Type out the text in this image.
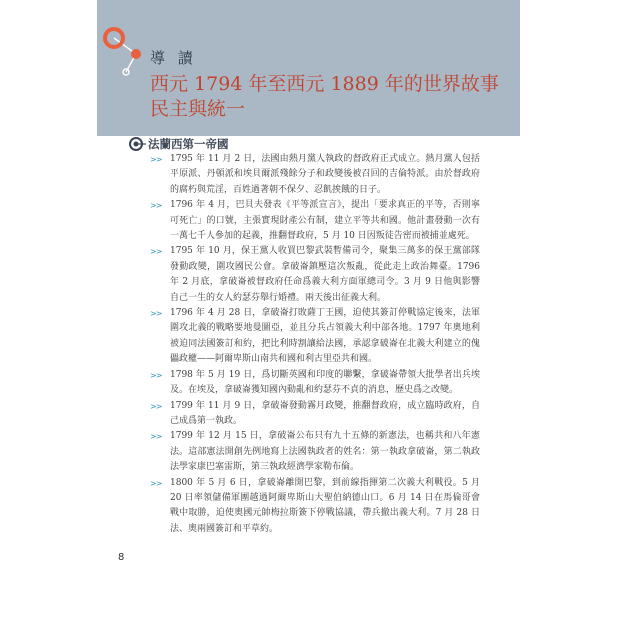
導 讀
西元 1794 年至西元 1889 年的世界故事
民主與統一
法蘭西第一帝國
>> 1795 年 11 月 2 日，法國由熱月黨人執政的督政府正式成立。熱月黨人包括平原派、丹頓派和埃貝爾派殘餘分子和政變後被召回的吉倫特派。由於督政府的腐朽與荒淫，百姓過著朝不保夕、忍飢挨餓的日子。
>> 1796 年 4 月，巴貝夫發表《平等派宣言》，提出「要求真正的平等，否則寧可死亡」的口號，主張實現財產公有制，建立平等共和國。他計畫發動一次有一萬七千人參加的起義，推翻督政府，5 月 10 日因叛徒告密而被捕並處死。
>> 1795 年 10 月，保王黨人收買巴黎武裝暫備司令，聚集三萬多的保王黨部隊發動政變，圍攻國民公會。拿破崙鎮壓這次叛亂，從此走上政治舞臺。1796 年 2 月底，拿破崙被督政府任命爲義大利方面軍總司令。3 月 9 日他與影響自己一生的女人約瑟芬舉行婚禮。兩天後出征義大利。
>> 1796 年 4 月 28 日，拿破崙打敗薩丁王國，迫使其簽訂停戰協定後來，法軍圍攻北義的戰略要地曼圖亞，並且分兵占領義大利中部各地。1797 年奧地利被迫同法國簽訂和約，把比利時割讓給法國，承認拿破崙在北義大利建立的傀儡政權——阿爾卑斯山南共和國和利古里亞共和國。
>> 1798 年 5 月 19 日，爲切斷英國和印度的聯繫，拿破崙帶領大批學者出兵埃及。在埃及，拿破崙獲知國內動亂和約瑟芬不貞的消息，歷史爲之改變。
>> 1799 年 11 月 9 日，拿破崙發動霧月政變，推翻督政府，成立臨時政府，自己成爲第一執政。
>> 1799 年 12 月 15 日，拿破崙公布只有九十五條的新憲法，也稱共和八年憲法。這部憲法開創先例地寫上法國執政者的姓名：第一執政拿破崙，第二執政法學家康巴塞雷斯，第三執政經濟學家勒布倫。
>> 1800 年 5 月 6 日，拿破崙離開巴黎，到前線指揮第二次義大利戰役。5 月 20 日率領儲備軍團越過阿爾卑斯山大聖伯納德山口。6 月 14 日在馬倫哥會戰中取勝，迫使奧國元帥梅拉斯簽下停戰協議，帶兵撤出義大利。7 月 28 日法、奧兩國簽訂和平草約。
8
